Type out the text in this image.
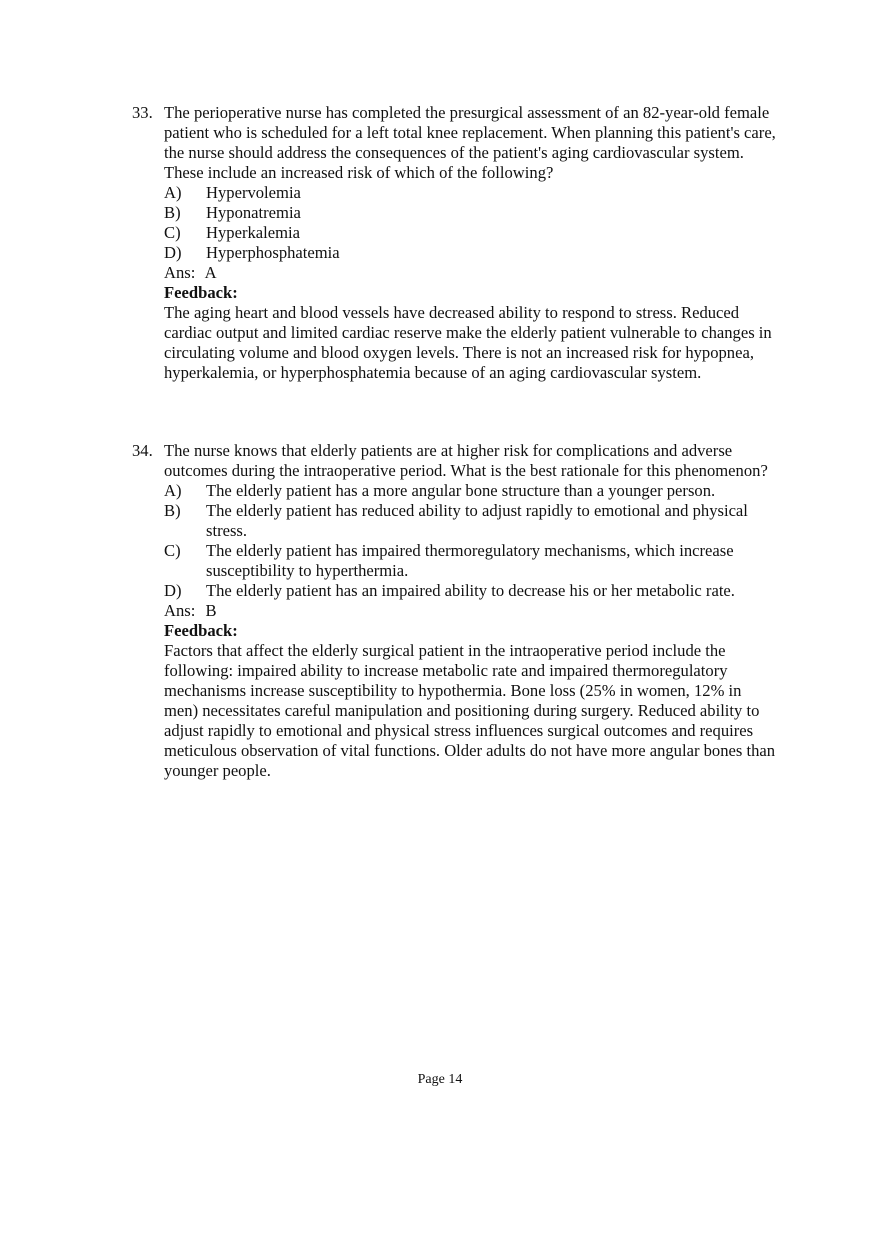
33. The perioperative nurse has completed the presurgical assessment of an 82-year-old female patient who is scheduled for a left total knee replacement. When planning this patient's care, the nurse should address the consequences of the patient's aging cardiovascular system. These include an increased risk of which of the following?
A)	Hypervolemia
B)	Hyponatremia
C)	Hyperkalemia
D)	Hyperphosphatemia
Ans: A
Feedback:
The aging heart and blood vessels have decreased ability to respond to stress. Reduced cardiac output and limited cardiac reserve make the elderly patient vulnerable to changes in circulating volume and blood oxygen levels. There is not an increased risk for hypopnea, hyperkalemia, or hyperphosphatemia because of an aging cardiovascular system.
34. The nurse knows that elderly patients are at higher risk for complications and adverse outcomes during the intraoperative period. What is the best rationale for this phenomenon?
A)	The elderly patient has a more angular bone structure than a younger person.
B)	The elderly patient has reduced ability to adjust rapidly to emotional and physical stress.
C)	The elderly patient has impaired thermoregulatory mechanisms, which increase susceptibility to hyperthermia.
D)	The elderly patient has an impaired ability to decrease his or her metabolic rate.
Ans: B
Feedback:
Factors that affect the elderly surgical patient in the intraoperative period include the following: impaired ability to increase metabolic rate and impaired thermoregulatory mechanisms increase susceptibility to hypothermia. Bone loss (25% in women, 12% in men) necessitates careful manipulation and positioning during surgery. Reduced ability to adjust rapidly to emotional and physical stress influences surgical outcomes and requires meticulous observation of vital functions. Older adults do not have more angular bones than younger people.
Page 14
